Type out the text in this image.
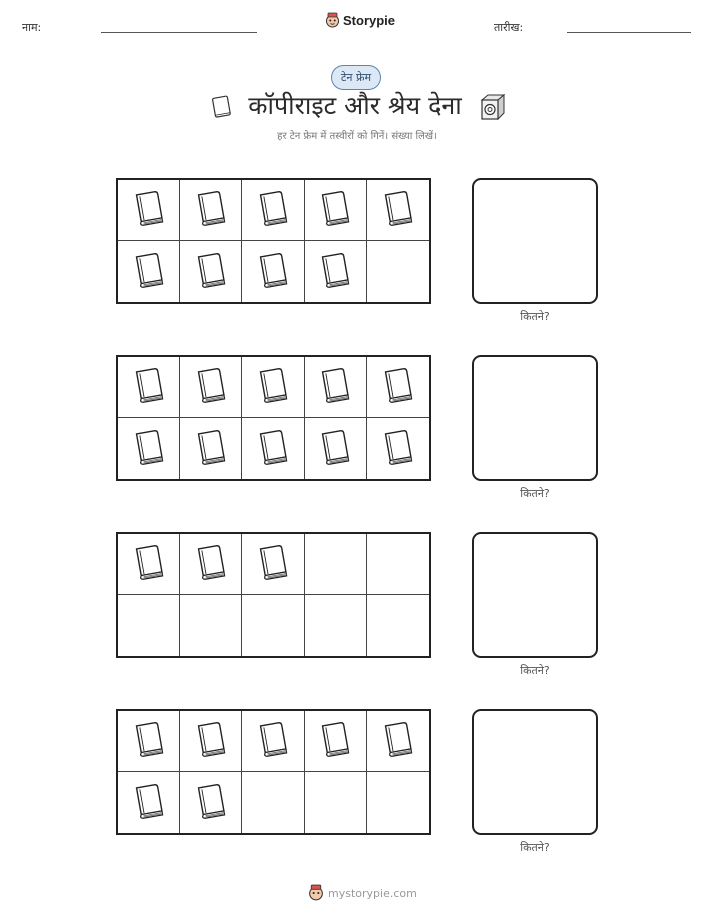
नाम:	Storypie	तारीख:
टेन फ्रेम
कॉपीराइट और श्रेय देना
हर टेन फ्रेम में तस्वीरों को गिनें। संख्या लिखें।
कितने?
कितने?
कितने?
कितने?
mystorypie.com
